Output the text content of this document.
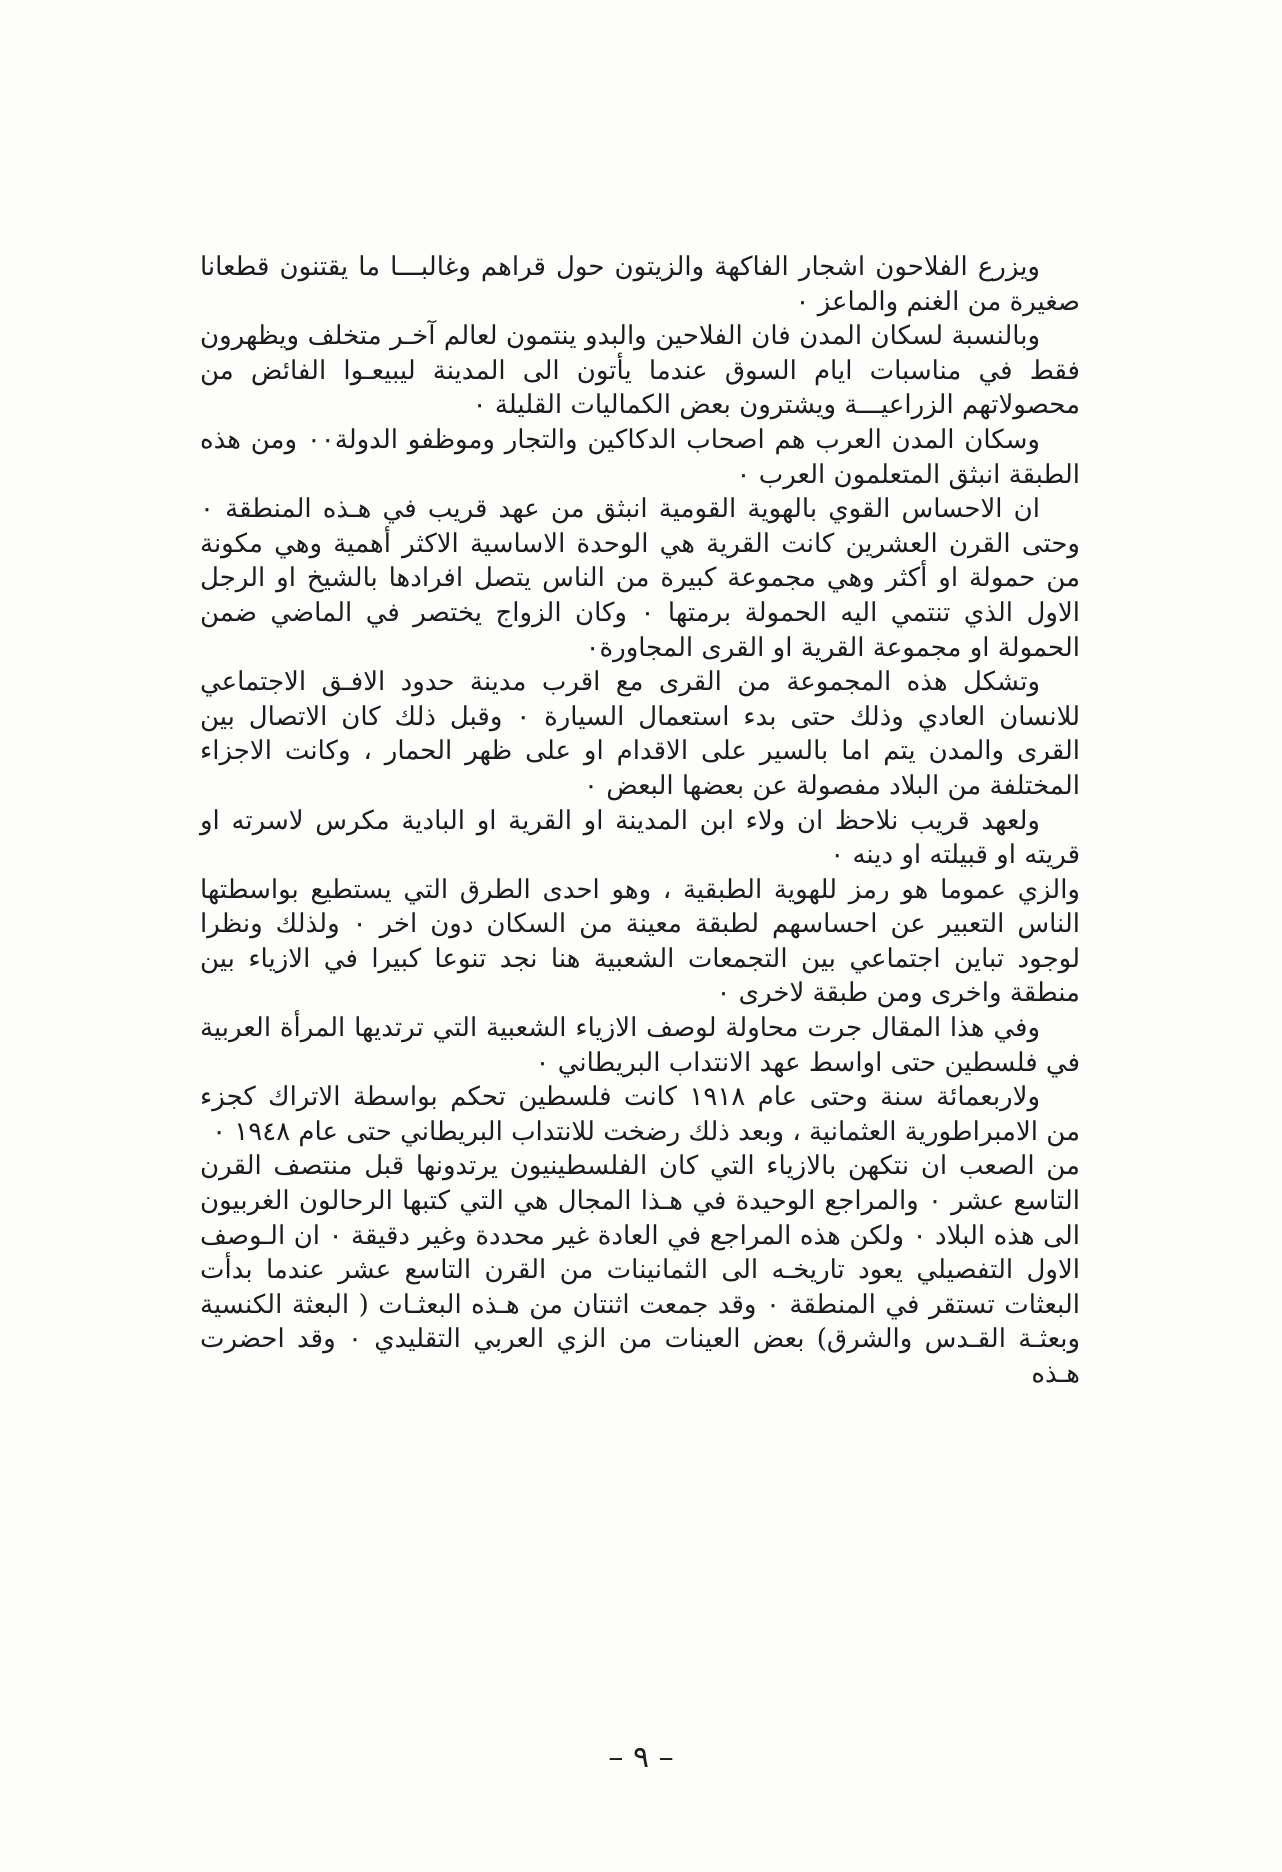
ويزرع الفلاحون اشجار الفاكهة والزيتون حول قراهم وغالبـــا ما يقتنون قطعانا صغيرة من الغنم والماعز ٠

وبالنسبة لسكان المدن فان الفلاحين والبدو ينتمون لعالم آخـر متخلف ويظهرون فقط في مناسبات ايام السوق عندما يأتون الى المدينة ليبيعـوا الفائض من محصولاتهم الزراعيـــة ويشترون بعض الكماليات القليلة ٠

وسكان المدن العرب هم اصحاب الدكاكين والتجار وموظفو الدولة٠٠ ومن هذه الطبقة انبثق المتعلمون العرب ٠

ان الاحساس القوي بالهوية القومية انبثق من عهد قريب في هـذه المنطقة ٠ وحتى القرن العشرين كانت القرية هي الوحدة الاساسية الاكثر أهمية وهي مكونة من حمولة او أكثر وهي مجموعة كبيرة من الناس يتصل افرادها بالشيخ او الرجل الاول الذي تنتمي اليه الحمولة برمتها ٠ وكان الزواج يختصر في الماضي ضمن الحمولة او مجموعة القرية او القرى المجاورة٠

وتشكل هذه المجموعة من القرى مع اقرب مدينة حدود الافـق الاجتماعي للانسان العادي وذلك حتى بدء استعمال السيارة ٠ وقبل ذلك كان الاتصال بين القرى والمدن يتم اما بالسير على الاقدام او على ظهر الحمار ، وكانت الاجزاء المختلفة من البلاد مفصولة عن بعضها البعض ٠

ولعهد قريب نلاحظ ان ولاء ابن المدينة او القرية او البادية مكرس لاسرته او قريته او قبيلته او دينه ٠

والزي عموما هو رمز للهوية الطبقية ، وهو احدى الطرق التي يستطيع بواسطتها الناس التعبير عن احساسهم لطبقة معينة من السكان دون اخر ٠ ولذلك ونظرا لوجود تباين اجتماعي بين التجمعات الشعبية هنا نجد تنوعا كبيرا في الازياء بين منطقة واخرى ومن طبقة لاخرى ٠

وفي هذا المقال جرت محاولة لوصف الازياء الشعبية التي ترتديها المرأة العربية في فلسطين حتى اواسط عهد الانتداب البريطاني ٠

ولاربعمائة سنة وحتى عام ١٩١٨ كانت فلسطين تحكم بواسطة الاتراك كجزء من الامبراطورية العثمانية ، وبعد ذلك رضخت للانتداب البريطاني حتى عام ١٩٤٨ ٠

من الصعب ان نتكهن بالازياء التي كان الفلسطينيون يرتدونها قبل منتصف القرن التاسع عشر ٠ والمراجع الوحيدة في هـذا المجال هي التي كتبها الرحالون الغربيون الى هذه البلاد ٠ ولكن هذه المراجع في العادة غير محددة وغير دقيقة ٠ ان الـوصف الاول التفصيلي يعود تاريخـه الى الثمانينات من القرن التاسع عشر عندما بدأت البعثات تستقر في المنطقة ٠ وقد جمعت اثنتان من هـذه البعثـات ( البعثة الكنسية وبعثـة القـدس والشرق) بعض العينات من الزي العربي التقليدي ٠ وقد احضرت هـذه

– ٩ –
